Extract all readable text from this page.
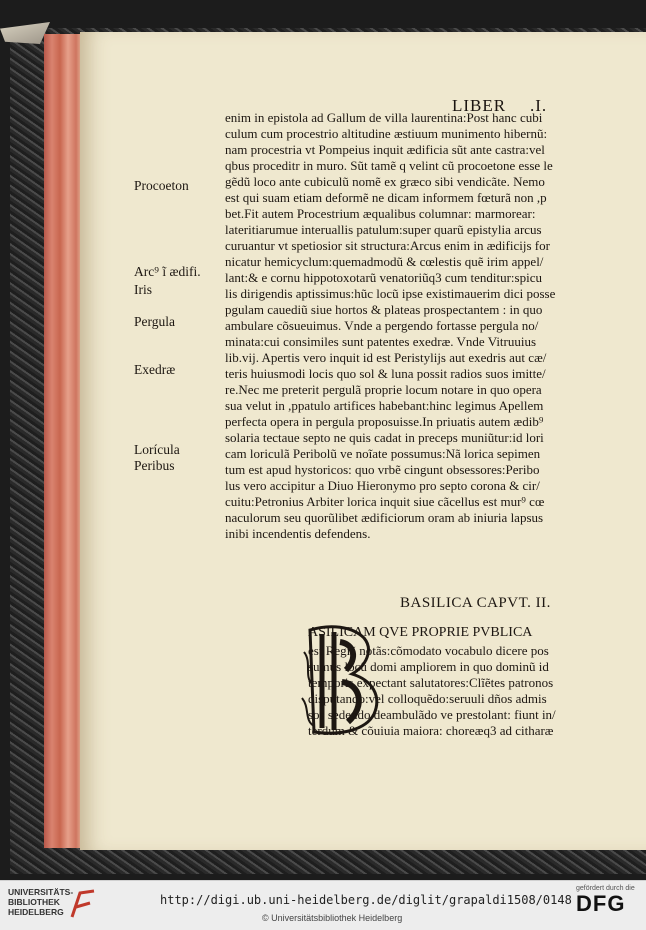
LIBER .I.
enim in epistola ad Gallum de villa laurentina:Post hanc cubi
culum cum procestrio altitudine æstiuum munimento hibernũ:
nam procestria vt Pompeius inquit ædificia sũt ante castra:vel
qbus proceditr in muro. Sũt tamẽ q velint cũ procoetone esse le
gẽdũ loco ante cubiculũ nomẽ ex græco sibi vendicãte. Nemo
est qui suam etiam deformẽ ne dicam informem fœturã non ,p
bet.Fit autem Procestrium æqualibus columnar: marmorear:
lateritiarumue interuallis patulum:super quarũ epistylia arcus
curuantur vt spetiosior sit structura:Arcus enim in ædificijs for
nicatur hemicyclum:quemadmodũ & cœlestis quẽ irim appel/
lant:& e cornu hippotoxotarũ venatoriũq3 cum tenditur:spicu
lis dirigendis aptissimus:hũc locũ ipse existimauerim dici posse
pgulam cauediũ siue hortos & plateas prospectantem : in quo
ambulare cõsueuimus. Vnde a pergendo fortasse pergula no/
minata:cui consimiles sunt patentes exedræ. Vnde Vitruuius
lib.vij. Apertis vero inquit id est Peristylijs aut exedris aut cæ/
teris huiusmodi locis quo sol & luna possit radios suos imitte/
re.Nec me preterit pergulã proprie locum notare in quo opera
sua velut in ,ppatulo artifices habebant:hinc legimus Apellem
perfecta opera in pergula proposuisse.In priuatis autem ædib⁹
solaria tectaue septo ne quis cadat in preceps muniũtur:id lori
cam loriculã Peribolũ ve noĩate possumus:Nã lorica sepimen
tum est apud hystoricos: quo vrbẽ cingunt obsessores:Peribo
lus vero accipitur a Diuo Hieronymo pro septo corona & cir/
cuitu:Petronius Arbiter lorica inquit siue cãcellus est mur⁹ cœ
naculorum seu quorũlibet ædificiorum oram ab iniuria lapsus
inibi incendentis defendens.
Procoeton
Arc⁹ ĩ ædifi.
Iris
Pergula
Exedræ
Lorícula
Peribus
BASILICA CAPVT. II.
ASILICAM QVE PROPRIE PVBLICA
est Regiã notãs:cõmodato vocabulo dicere pos
sumus locũ domi ampliorem in quo dominũ id
temporis expectant salutatores:Clĩẽtes patronos
disputando:vel colloquẽdo:seruuli dños admis
sos sedendo deambulãdo ve prestolant: fiunt in/
terdum & cõuiuia maiora: choreæq3 ad citharæ
UNIVERSITÄTS-
BIBLIOTHEK
HEIDELBERG
http://digi.ub.uni-heidelberg.de/diglit/grapaldi1508/0148
© Universitätsbibliothek Heidelberg
gefördert durch die
DFG
